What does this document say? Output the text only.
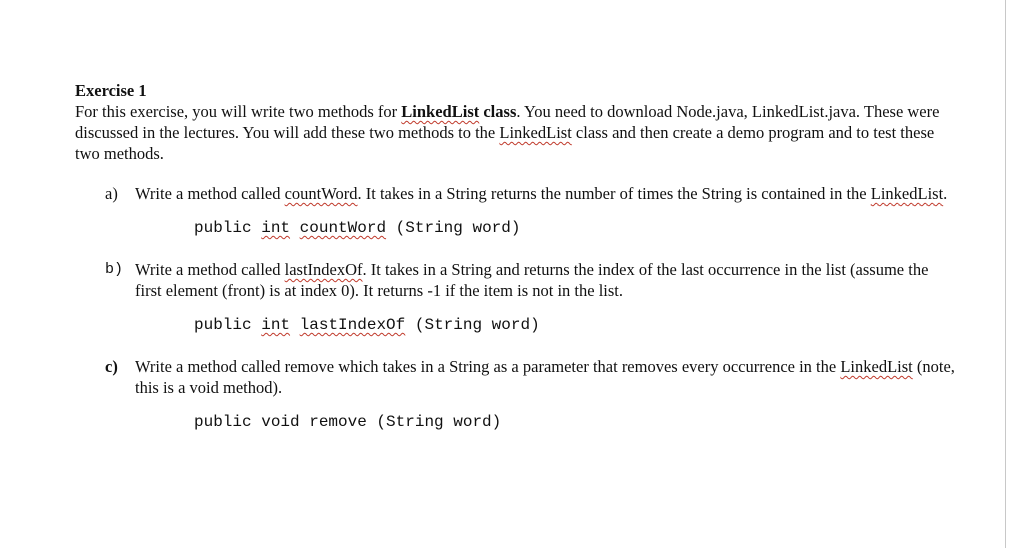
Exercise 1

For this exercise, you will write two methods for LinkedList class. You need to download Node.java, LinkedList.java. These were discussed in the lectures. You will add these two methods to the LinkedList class and then create a demo program and to test these two methods.

a) Write a method called countWord. It takes in a String returns the number of times the String is contained in the LinkedList.

public int countWord (String word)
b) Write a method called lastIndexOf. It takes in a String and returns the index of the last occurrence in the list (assume the first element (front) is at index 0). It returns -1 if the item is not in the list.

public int lastIndexOf (String word)
c) Write a method called remove which takes in a String as a parameter that removes every occurrence in the LinkedList (note, this is a void method).

public void remove (String word)
